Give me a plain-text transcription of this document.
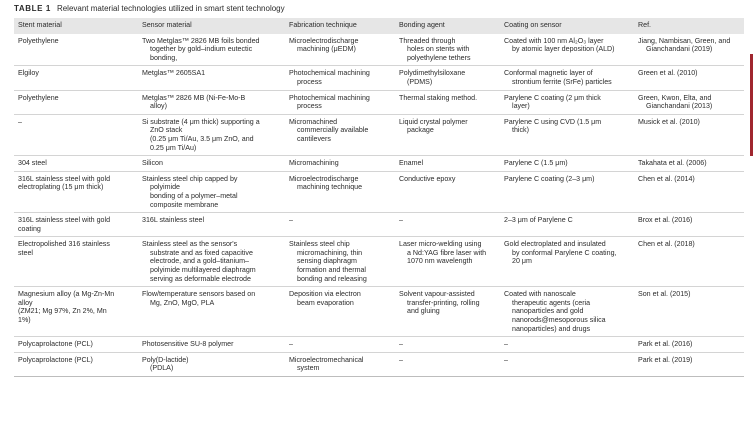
TABLE 1 Relevant material technologies utilized in smart stent technology
Stent material	Sensor material	Fabrication technique	Bonding agent	Coating on sensor	Ref.

Polyethylene	Two Metglas™ 2826 MB foils bonded
together by gold–indium eutectic
bonding,	Microelectrodischarge
machining (μEDM)	Threaded through
holes on stents with
polyethylene tethers	Coated with 100 nm Al₂O₃ layer
by atomic layer deposition (ALD)	Jiang, Nambisan, Green, and
Gianchandani (2019)

Elgiloy	Metglas™ 2605SA1	Photochemical machining
process	Polydimethylsiloxane
(PDMS)	Conformal magnetic layer of
strontium ferrite (SrFe) particles	Green et al. (2010)

Polyethylene	Metglas™ 2826 MB (Ni-Fe-Mo-B
alloy)	Photochemical machining
process	Thermal staking method.	Parylene C coating (2 μm thick
layer)	Green, Kwon, Elta, and
Gianchandani (2013)

–	Si substrate (4 μm thick) supporting a
ZnO stack
(0.25 μm Ti/Au, 3.5 μm ZnO, and
0.25 μm Ti/Au)	Micromachined
commercially available
cantilevers	Liquid crystal polymer
package	Parylene C using CVD (1.5 μm
thick)	Musick et al. (2010)

304 steel	Silicon	Micromachining	Enamel	Parylene C (1.5 μm)	Takahata et al. (2006)

316L stainless steel with gold
electroplating (15 μm thick)	Stainless steel chip capped by
polyimide
bonding of a polymer–metal
composite membrane	Microelectrodischarge
machining technique	Conductive epoxy	Parylene C coating (2–3 μm)	Chen et al. (2014)

316L stainless steel with gold
coating	316L stainless steel	–	–	2–3 μm of Parylene C	Brox et al. (2016)

Electropolished 316 stainless
steel	Stainless steel as the sensor's
substrate and as fixed capacitive
electrode, and a gold–titanium–
polyimide multilayered diaphragm
serving as deformable electrode	Stainless steel chip
micromachining, thin
sensing diaphragm
formation and thermal
bonding and releasing	Laser micro-welding using
a Nd:YAG fibre laser with
1070 nm wavelength	Gold electroplated and insulated
by conformal Parylene C coating,
20 μm	Chen et al. (2018)

Magnesium alloy (a Mg-Zn-Mn
alloy
(ZM21; Mg 97%, Zn 2%, Mn
1%)	Flow/temperature sensors based on
Mg, ZnO, MgO, PLA	Deposition via electron
beam evaporation	Solvent vapour-assisted
transfer-printing, rolling
and gluing	Coated with nanoscale
therapeutic agents (ceria
nanoparticles and gold
nanorods@mesoporous silica
nanoparticles) and drugs	Son et al. (2015)

Polycaprolactone (PCL)	Photosensitive SU-8 polymer	–	–	–	Park et al. (2016)

Polycaprolactone (PCL)	Poly(D-lactide)
(PDLA)	Microelectromechanical
system	–	–	Park et al. (2019)
